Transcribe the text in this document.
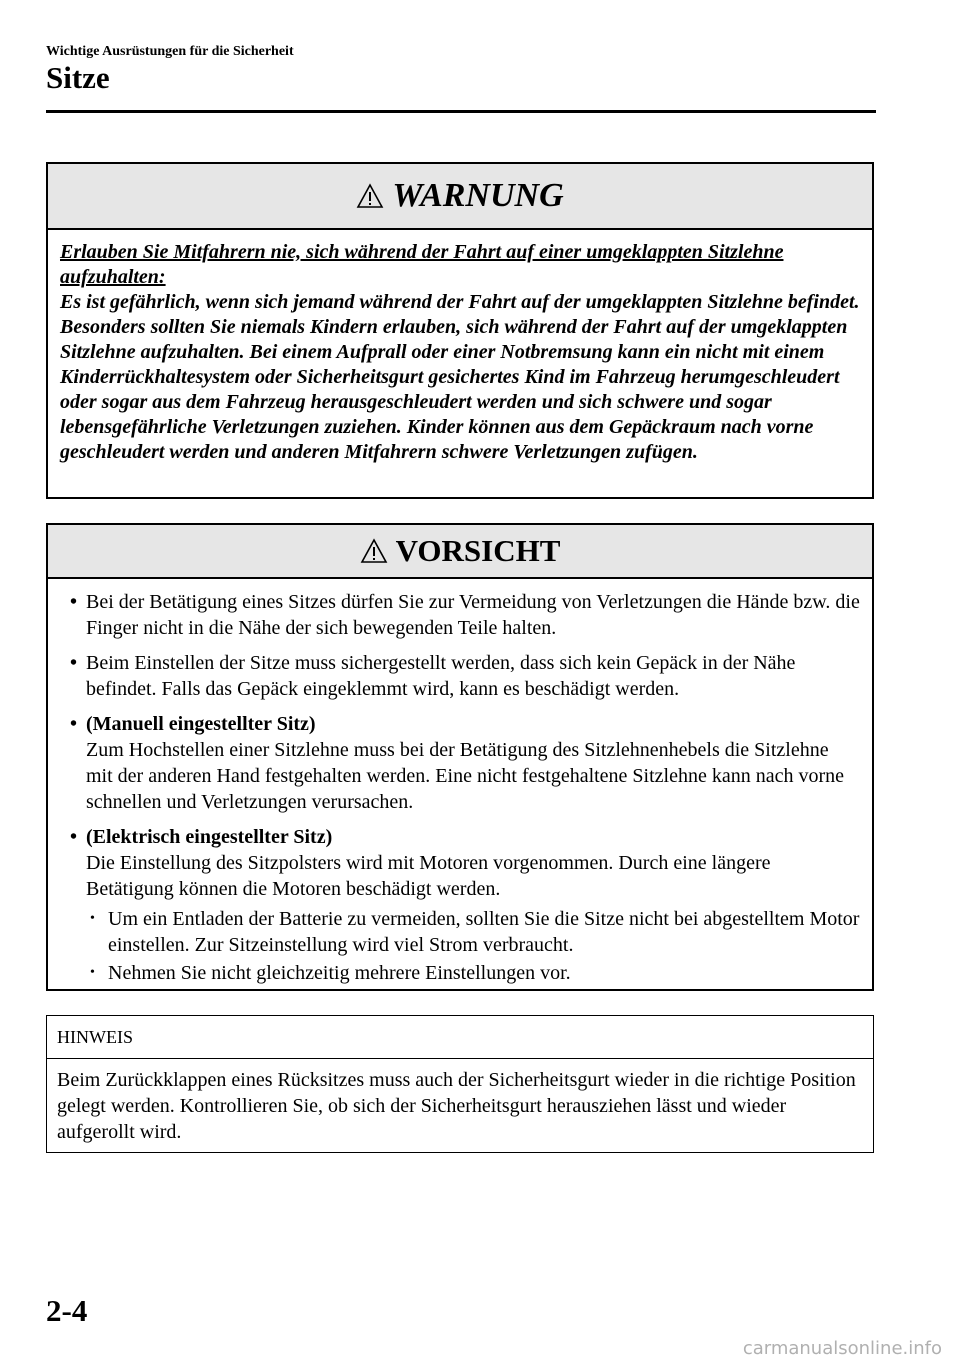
Wichtige Ausrüstungen für die Sicherheit
Sitze
WARNUNG
Erlauben Sie Mitfahrern nie, sich während der Fahrt auf einer umgeklappten Sitzlehne aufzuhalten:
Es ist gefährlich, wenn sich jemand während der Fahrt auf der umgeklappten Sitzlehne befindet. Besonders sollten Sie niemals Kindern erlauben, sich während der Fahrt auf der umgeklappten Sitzlehne aufzuhalten. Bei einem Aufprall oder einer Notbremsung kann ein nicht mit einem Kinderrückhaltesystem oder Sicherheitsgurt gesichertes Kind im Fahrzeug herumgeschleudert oder sogar aus dem Fahrzeug herausgeschleudert werden und sich schwere und sogar lebensgefährliche Verletzungen zuziehen. Kinder können aus dem Gepäckraum nach vorne geschleudert werden und anderen Mitfahrern schwere Verletzungen zufügen.
VORSICHT
• Bei der Betätigung eines Sitzes dürfen Sie zur Vermeidung von Verletzungen die Hände bzw. die Finger nicht in die Nähe der sich bewegenden Teile halten.
• Beim Einstellen der Sitze muss sichergestellt werden, dass sich kein Gepäck in der Nähe befindet. Falls das Gepäck eingeklemmt wird, kann es beschädigt werden.
• (Manuell eingestellter Sitz)
Zum Hochstellen einer Sitzlehne muss bei der Betätigung des Sitzlehnenhebels die Sitzlehne mit der anderen Hand festgehalten werden. Eine nicht festgehaltene Sitzlehne kann nach vorne schnellen und Verletzungen verursachen.
• (Elektrisch eingestellter Sitz)
Die Einstellung des Sitzpolsters wird mit Motoren vorgenommen. Durch eine längere Betätigung können die Motoren beschädigt werden.
• Um ein Entladen der Batterie zu vermeiden, sollten Sie die Sitze nicht bei abgestelltem Motor einstellen. Zur Sitzeinstellung wird viel Strom verbraucht.
• Nehmen Sie nicht gleichzeitig mehrere Einstellungen vor.
HINWEIS
Beim Zurückklappen eines Rücksitzes muss auch der Sicherheitsgurt wieder in die richtige Position gelegt werden. Kontrollieren Sie, ob sich der Sicherheitsgurt herausziehen lässt und wieder aufgerollt wird.
2-4
carmanualsonline.info
